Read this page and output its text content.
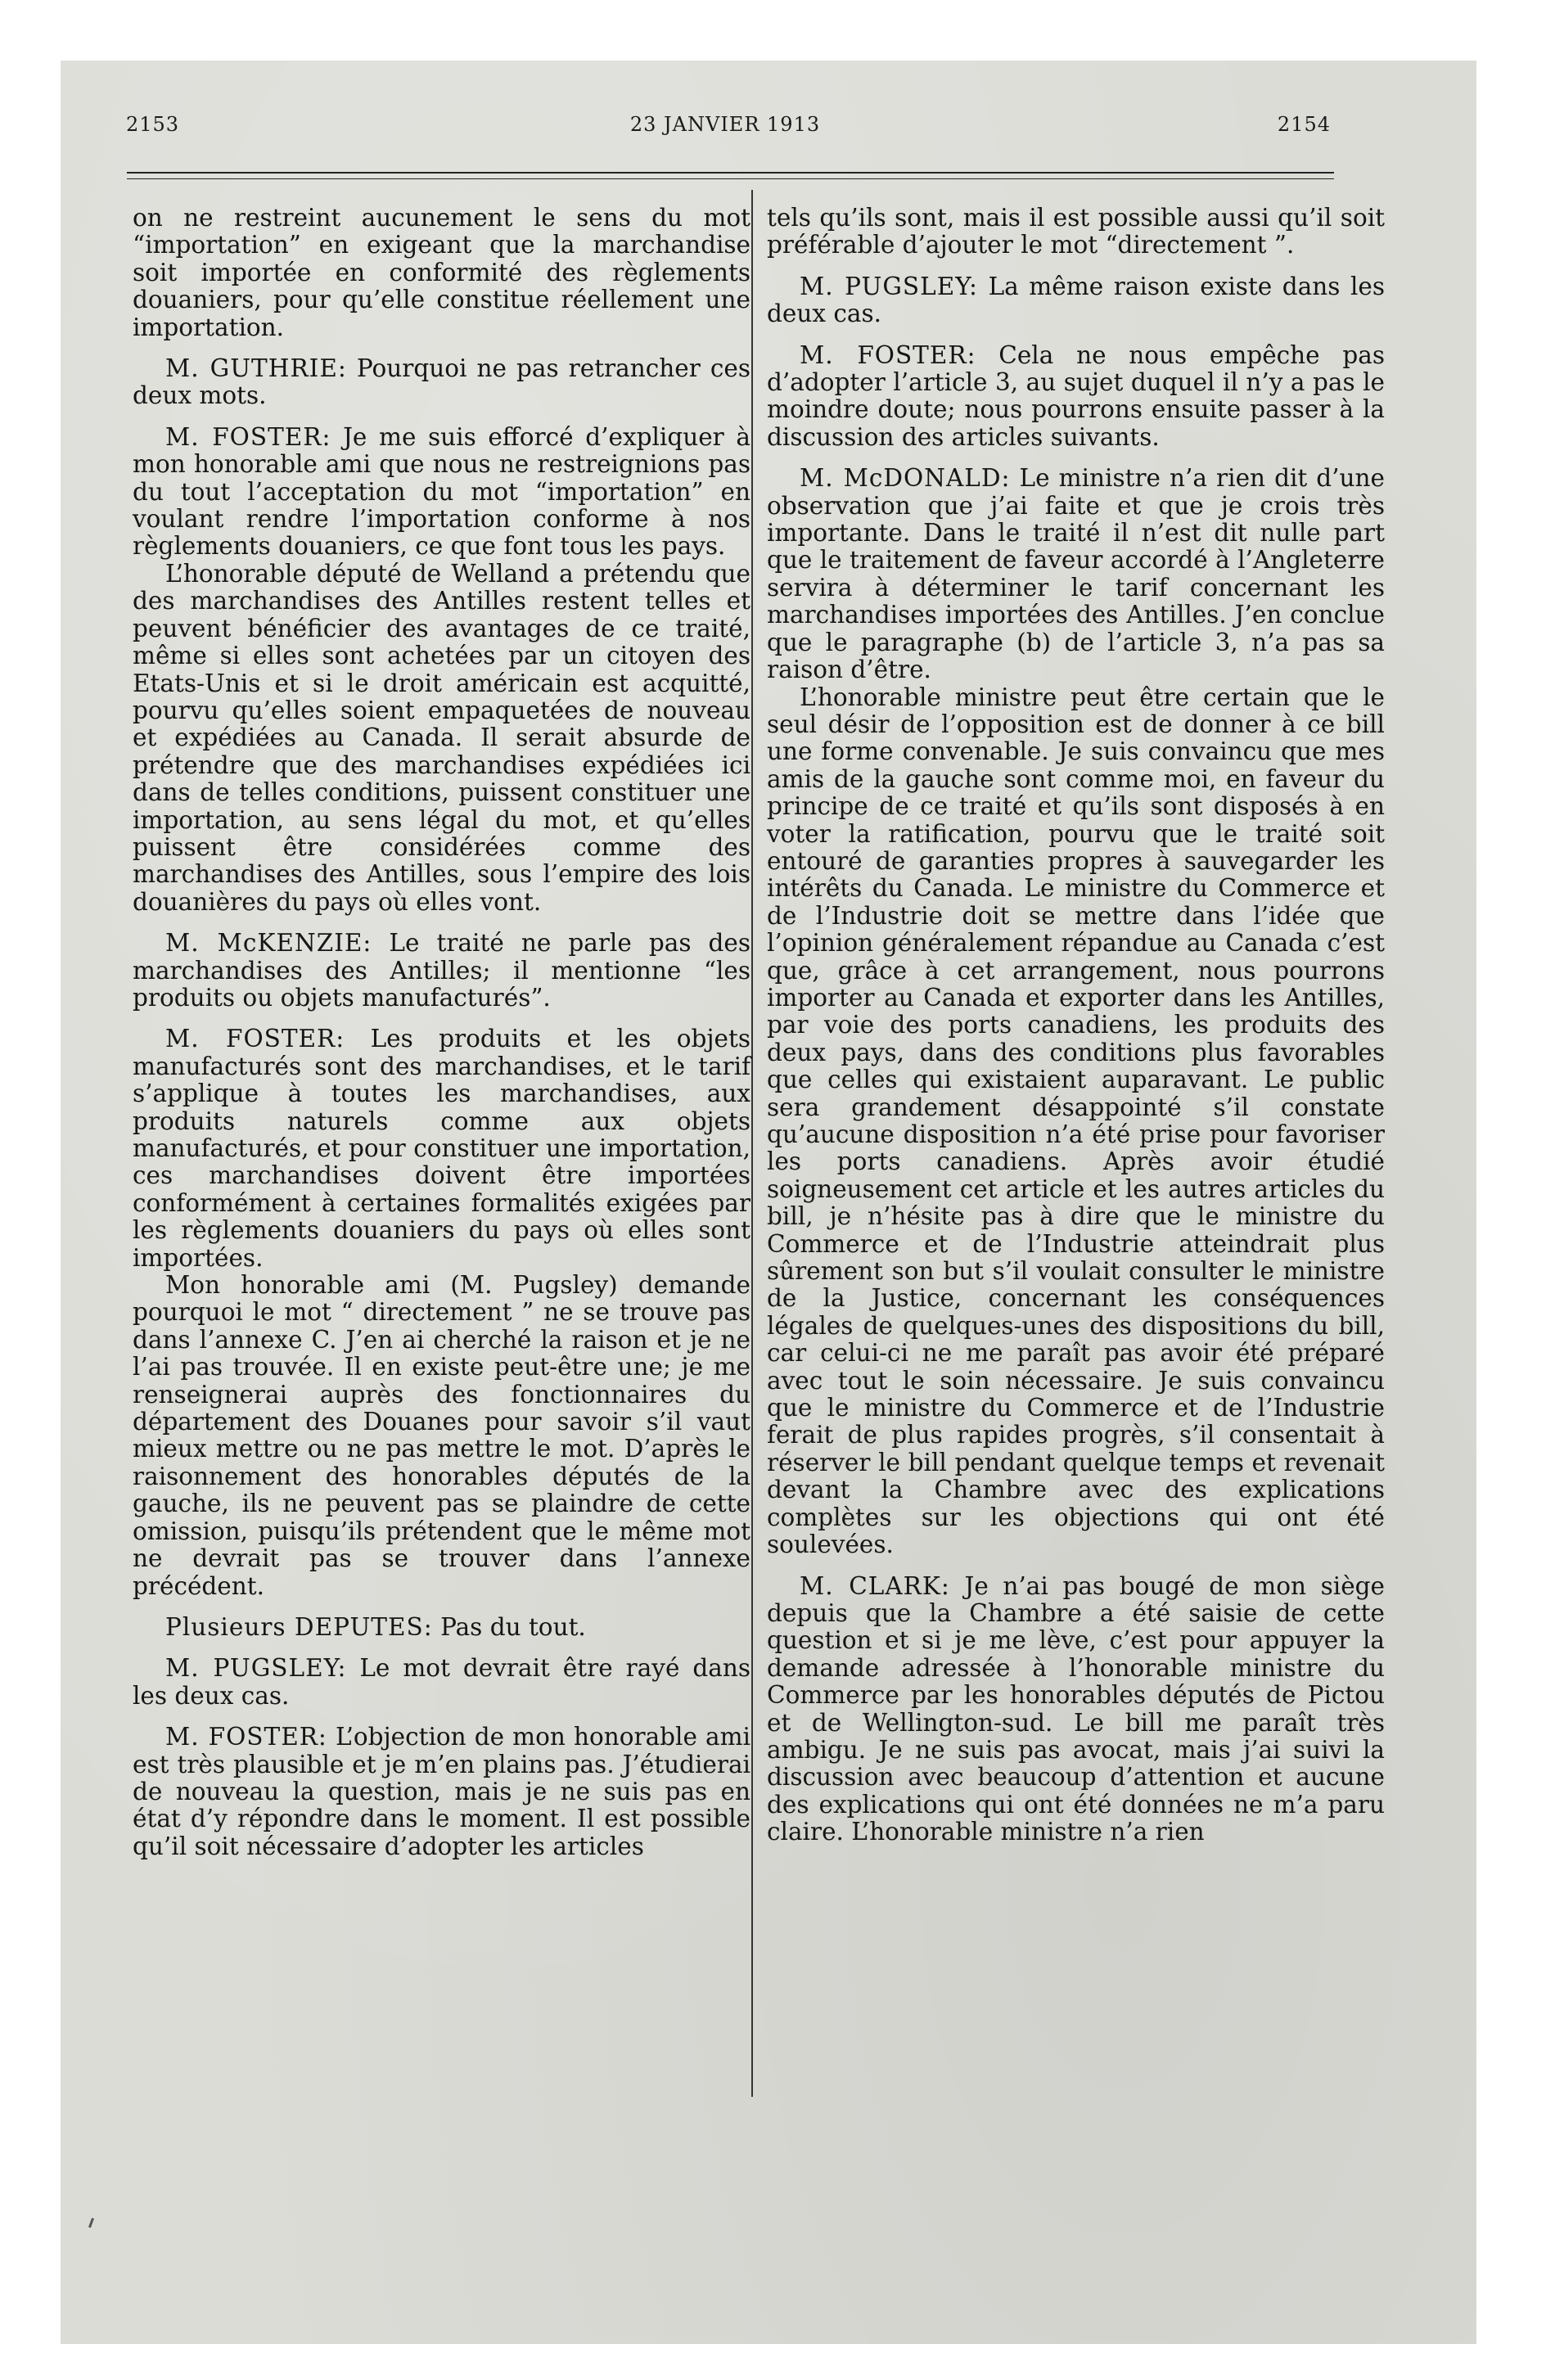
2153	23 JANVIER 1913	2154

on ne restreint aucunement le sens du mot “importation” en exigeant que la marchandise soit importée en conformité des règlements douaniers, pour qu’elle constitue réellement une importation.

M. GUTHRIE: Pourquoi ne pas retrancher ces deux mots.

M. FOSTER: Je me suis efforcé d’expliquer à mon honorable ami que nous ne restreignions pas du tout l’acceptation du mot “importation” en voulant rendre l’importation conforme à nos règlements douaniers, ce que font tous les pays.

L’honorable député de Welland a prétendu que des marchandises des Antilles restent telles et peuvent bénéficier des avantages de ce traité, même si elles sont achetées par un citoyen des Etats-Unis et si le droit américain est acquitté, pourvu qu’elles soient empaquetées de nouveau et expédiées au Canada. Il serait absurde de prétendre que des marchandises expédiées ici dans de telles conditions, puissent constituer une importation, au sens légal du mot, et qu’elles puissent être considérées comme des marchandises des Antilles, sous l’empire des lois douanières du pays où elles vont.

M. McKENZIE: Le traité ne parle pas des marchandises des Antilles; il mentionne “les produits ou objets manufacturés”.

M. FOSTER: Les produits et les objets manufacturés sont des marchandises, et le tarif s’applique à toutes les marchandises, aux produits naturels comme aux objets manufacturés, et pour constituer une importation, ces marchandises doivent être importées conformément à certaines formalités exigées par les règlements douaniers du pays où elles sont importées.

Mon honorable ami (M. Pugsley) demande pourquoi le mot “ directement ” ne se trouve pas dans l’annexe C. J’en ai cherché la raison et je ne l’ai pas trouvée. Il en existe peut-être une; je me renseignerai auprès des fonctionnaires du département des Douanes pour savoir s’il vaut mieux mettre ou ne pas mettre le mot. D’après le raisonnement des honorables députés de la gauche, ils ne peuvent pas se plaindre de cette omission, puisqu’ils prétendent que le même mot ne devrait pas se trouver dans l’annexe précédent.

Plusieurs DEPUTES: Pas du tout.

M. PUGSLEY: Le mot devrait être rayé dans les deux cas.

M. FOSTER: L’objection de mon honorable ami est très plausible et je m’en plains pas. J’étudierai de nouveau la question, mais je ne suis pas en état d’y répondre dans le moment. Il est possible qu’il soit nécessaire d’adopter les articles

tels qu’ils sont, mais il est possible aussi qu’il soit préférable d’ajouter le mot “directement ”.

M. PUGSLEY: La même raison existe dans les deux cas.

M. FOSTER: Cela ne nous empêche pas d’adopter l’article 3, au sujet duquel il n’y a pas le moindre doute; nous pourrons ensuite passer à la discussion des articles suivants.

M. McDONALD: Le ministre n’a rien dit d’une observation que j’ai faite et que je crois très importante. Dans le traité il n’est dit nulle part que le traitement de faveur accordé à l’Angleterre servira à déterminer le tarif concernant les marchandises importées des Antilles. J’en conclue que le paragraphe (b) de l’article 3, n’a pas sa raison d’être.

L’honorable ministre peut être certain que le seul désir de l’opposition est de donner à ce bill une forme convenable. Je suis convaincu que mes amis de la gauche sont comme moi, en faveur du principe de ce traité et qu’ils sont disposés à en voter la ratification, pourvu que le traité soit entouré de garanties propres à sauvegarder les intérêts du Canada. Le ministre du Commerce et de l’Industrie doit se mettre dans l’idée que l’opinion généralement répandue au Canada c’est que, grâce à cet arrangement, nous pourrons importer au Canada et exporter dans les Antilles, par voie des ports canadiens, les produits des deux pays, dans des conditions plus favorables que celles qui existaient auparavant. Le public sera grandement désappointé s’il constate qu’aucune disposition n’a été prise pour favoriser les ports canadiens. Après avoir étudié soigneusement cet article et les autres articles du bill, je n’hésite pas à dire que le ministre du Commerce et de l’Industrie atteindrait plus sûrement son but s’il voulait consulter le ministre de la Justice, concernant les conséquences légales de quelques-unes des dispositions du bill, car celui-ci ne me paraît pas avoir été préparé avec tout le soin nécessaire. Je suis convaincu que le ministre du Commerce et de l’Industrie ferait de plus rapides progrès, s’il consentait à réserver le bill pendant quelque temps et revenait devant la Chambre avec des explications complètes sur les objections qui ont été soulevées.

M. CLARK: Je n’ai pas bougé de mon siège depuis que la Chambre a été saisie de cette question et si je me lève, c’est pour appuyer la demande adressée à l’honorable ministre du Commerce par les honorables députés de Pictou et de Wellington-sud. Le bill me paraît très ambigu. Je ne suis pas avocat, mais j’ai suivi la discussion avec beaucoup d’attention et aucune des explications qui ont été données ne m’a paru claire. L’honorable ministre n’a rien
